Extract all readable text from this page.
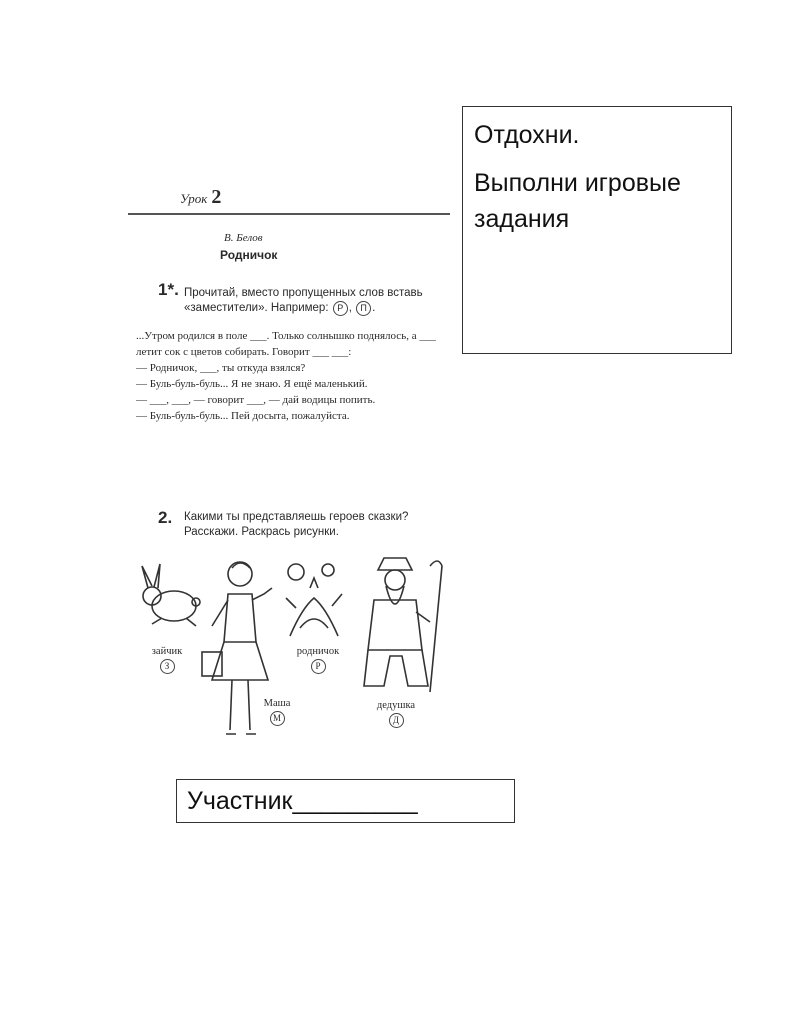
Урок 2
В. Белов
Родничок
1*. Прочитай, вместо пропущенных слов вставь «заместители». Например: Р , П .

...Утром родился в поле ___. Только солнышко поднялось, а ___ летит сок с цветов собирать. Говорит ___ ___:

— Родничок, ___, ты откуда взялся?

— Буль-буль-буль... Я не знаю. Я ещё маленький.

— ___, ___, — говорит ___, — дай водицы попить.

— Буль-буль-буль... Пей досыта, пожалуйста.

2. Какими ты представляешь героев сказки? Расскажи. Раскрась рисунки.
зайчик
З
Маша
М
родничок
Р
дедушка
Д
Отдохни.
Выполни игровые задания
Участник_________
